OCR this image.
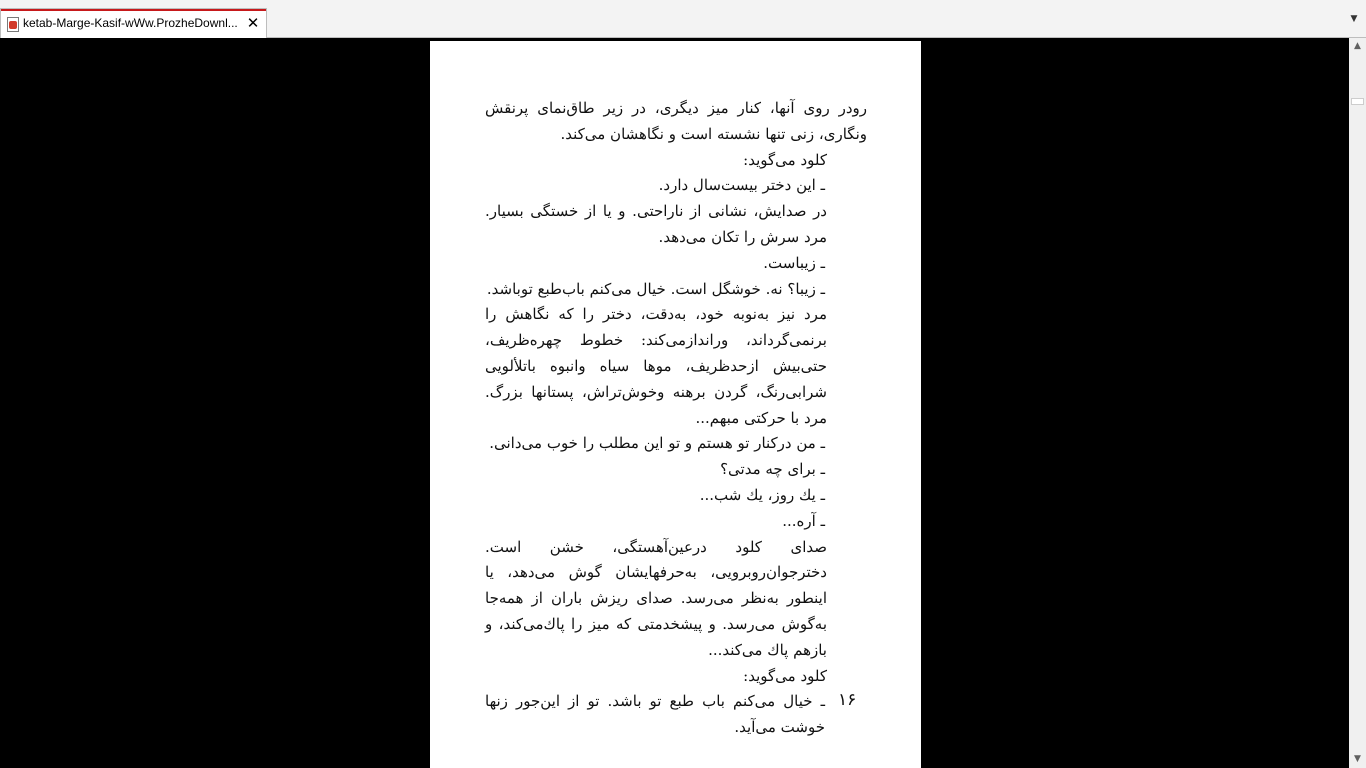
ketab-Marge-Kasif-wWw.ProzheDownl... ✕	▼

رودر روی آنها، کنار میز دیگری، در زیر طاق‌نمای پرنقش ونگاری، زنی تنها نشسته است و نگاهشان می‌کند.

کلود می‌گوید:

ـ این دختر بیست‌سال دارد.

در صدایش، نشانی از ناراحتی. و یا از خستگی بسیار. مرد سرش را تکان می‌دهد.

ـ زیباست.

ـ زیبا؟ نه. خوشگل است. خیال می‌کنم باب‌طبع توباشد.

مرد نیز به‌نوبه خود، به‌دقت، دختر را که نگاهش را برنمی‌گرداند، وراندازمی‌کند: خطوط چهره‌ظریف، حتی‌بیش ازحدظریف، موها سیاه وانبوه باتلألویی شرابی‌رنگ، گردن برهنه وخوش‌تراش، پستانها بزرگ. مرد با حرکتی مبهم...

ـ من درکنار تو هستم و تو این مطلب را خوب می‌دانی.

ـ برای چه مدتی؟

ـ یك روز، یك شب...

ـ آره...

صدای کلود درعین‌آهستگی، خشن است. دخترجوان‌روبرویی، به‌حرفهایشان گوش می‌دهد، یا اینطور به‌نظر می‌رسد. صدای ریزش باران از همه‌جا به‌گوش می‌رسد. و پیشخدمتی که میز را پاك‌می‌کند، و بازهم پاك می‌کند...

کلود می‌گوید:

ـ خیال می‌کنم باب طبع تو باشد. تو از این‌جور زنها خوشت می‌آید.

۱۶
▲
▼
